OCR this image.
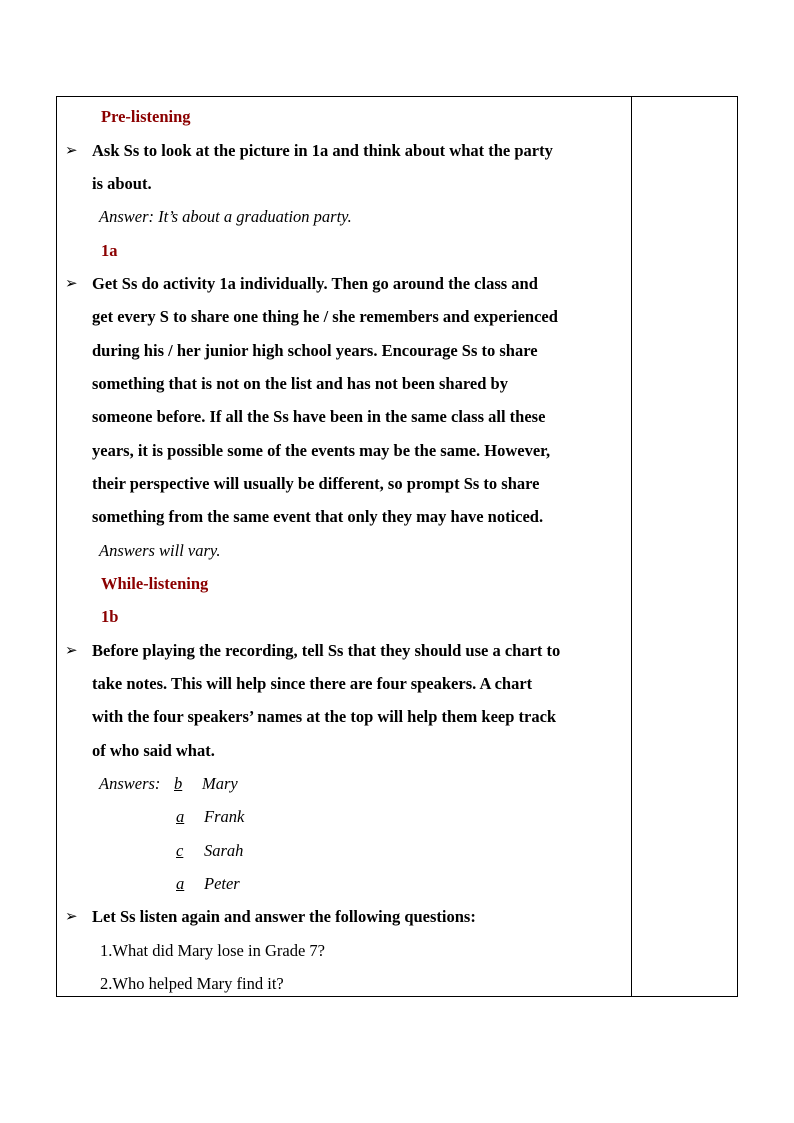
Pre-listening
➢ Ask Ss to look at the picture in 1a and think about what the party
is about.
Answer: It’s about a graduation party.
1a
➢ Get Ss do activity 1a individually. Then go around the class and
get every S to share one thing he / she remembers and experienced
during his / her junior high school years. Encourage Ss to share
something that is not on the list and has not been shared by
someone before. If all the Ss have been in the same class all these
years, it is possible some of the events may be the same. However,
their perspective will usually be different, so prompt Ss to share
something from the same event that only they may have noticed.
Answers will vary.
While-listening
1b
➢ Before playing the recording, tell Ss that they should use a chart to
take notes. This will help since there are four speakers. A chart
with the four speakers’ names at the top will help them keep track
of who said what.
Answers: b Mary
a Frank
c Sarah
a Peter
➢ Let Ss listen again and answer the following questions:
1.What did Mary lose in Grade 7?
2.Who helped Mary find it?
